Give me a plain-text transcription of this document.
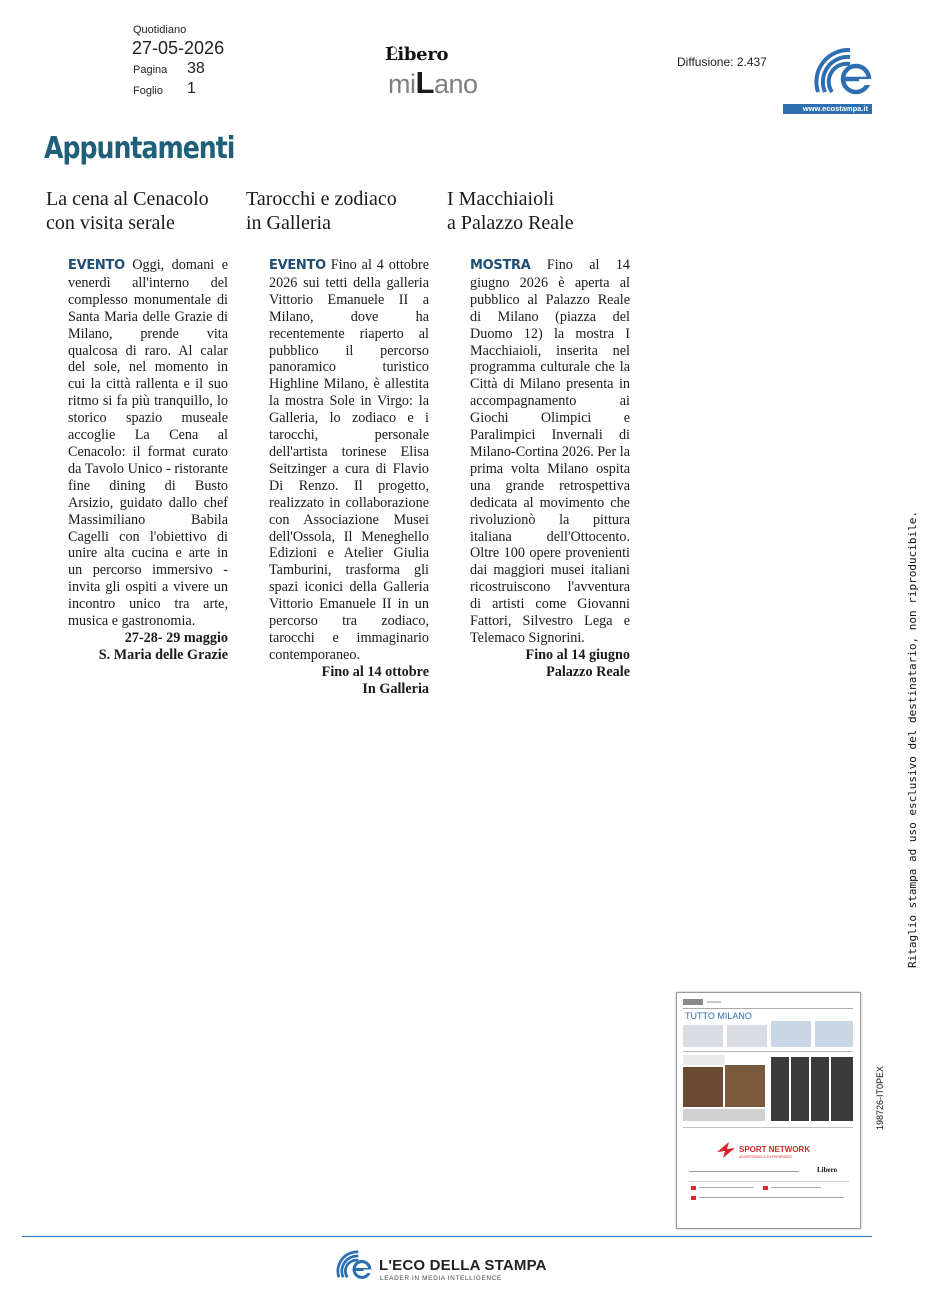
Quotidiano
27-05-2026
Pagina 38
Foglio 1
Libero
miLano
Diffusione: 2.437
www.ecostampa.it
Appuntamenti
La cena al Cenacolo
con visita serale

EVENTO Oggi, domani e venerdì all'interno del complesso monumentale di Santa Maria delle Grazie di Milano, prende vita qualcosa di raro. Al calar del sole, nel momento in cui la città rallenta e il suo ritmo si fa più tranquillo, lo storico spazio museale accoglie La Cena al Cenacolo: il format curato da Tavolo Unico - ristorante fine dining di Busto Arsizio, guidato dallo chef Massimiliano Babila Cagelli con l'obiettivo di unire alta cucina e arte in un percorso immersivo - invita gli ospiti a vivere un incontro unico tra arte, musica e gastronomia.

27-28- 29 maggio
S. Maria delle Grazie
Tarocchi e zodiaco
in Galleria

EVENTO Fino al 4 ottobre 2026 sui tetti della galleria Vittorio Emanuele II a Milano, dove ha recentemente riaperto al pubblico il percorso panoramico turistico Highline Milano, è allestita la mostra Sole in Virgo: la Galleria, lo zodiaco e i tarocchi, personale dell'artista torinese Elisa Seitzinger a cura di Flavio Di Renzo. Il progetto, realizzato in collaborazione con Associazione Musei dell'Ossola, Il Meneghello Edizioni e Atelier Giulia Tamburini, trasforma gli spazi iconici della Galleria Vittorio Emanuele II in un percorso tra zodiaco, tarocchi e immaginario contemporaneo.

Fino al 14 ottobre
In Galleria
I Macchiaioli
a Palazzo Reale

MOSTRA Fino al 14 giugno 2026 è aperta al pubblico al Palazzo Reale di Milano (piazza del Duomo 12) la mostra I Macchiaioli, inserita nel programma culturale che la Città di Milano presenta in accompagnamento ai Giochi Olimpici e Paralimpici Invernali di Milano-Cortina 2026. Per la prima volta Milano ospita una grande retrospettiva dedicata al movimento che rivoluzionò la pittura italiana dell'Ottocento. Oltre 100 opere provenienti dai maggiori musei italiani ricostruiscono l'avventura di artisti come Giovanni Fattori, Silvestro Lega e Telemaco Signorini.

Fino al 14 giugno
Palazzo Reale	Ritaglio stampa ad uso esclusivo del destinatario, non riproducibile.
198726-IT0PEX
TUTTO MILANO
SPORT NETWORK
ADVERTISING & EXPERIENCES
Libero
L'ECO DELLA STAMPA
LEADER IN MEDIA INTELLIGENCE
